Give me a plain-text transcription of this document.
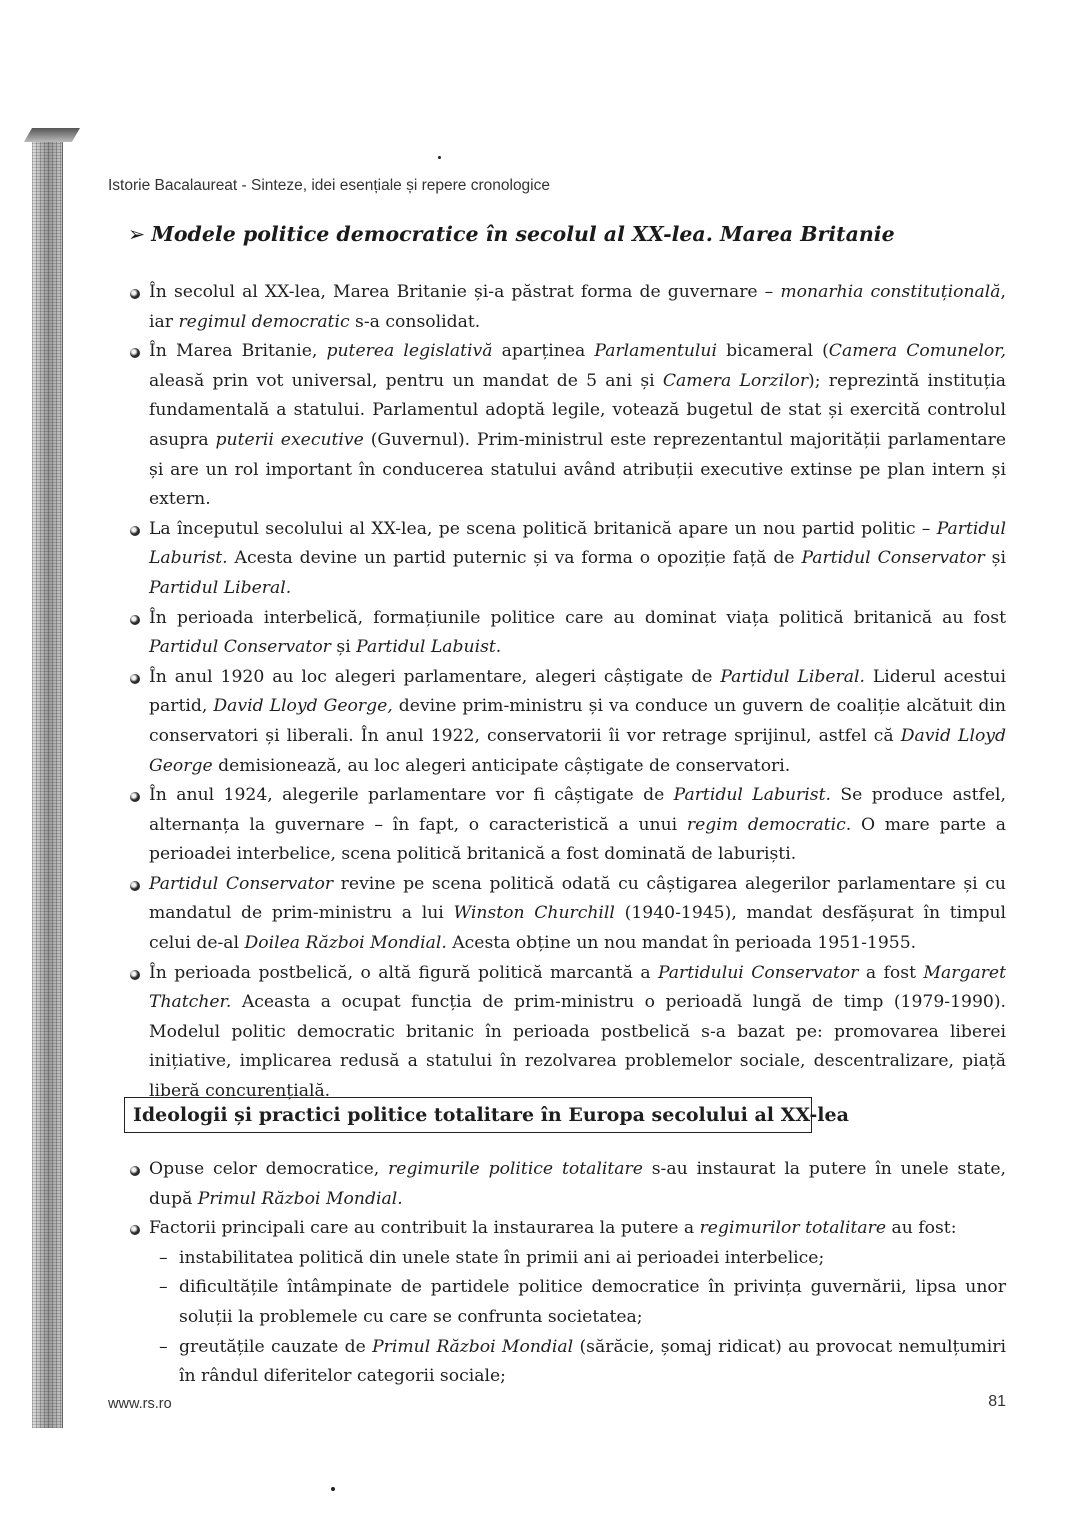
Istorie Bacalaureat - Sinteze, idei esențiale și repere cronologice
➢ Modele politice democratice în secolul al XX-lea. Marea Britanie
În secolul al XX-lea, Marea Britanie și-a păstrat forma de guvernare – monarhia constituțională, iar regimul democratic s-a consolidat.
În Marea Britanie, puterea legislativă aparținea Parlamentului bicameral (Camera Comunelor, aleasă prin vot universal, pentru un mandat de 5 ani și Camera Lorzilor); reprezintă instituția fundamentală a statului. Parlamentul adoptă legile, votează bugetul de stat și exercită controlul asupra puterii executive (Guvernul). Prim-ministrul este reprezentantul majorității parlamentare și are un rol important în conducerea statului având atribuții executive extinse pe plan intern și extern.
La începutul secolului al XX-lea, pe scena politică britanică apare un nou partid politic – Partidul Laburist. Acesta devine un partid puternic și va forma o opoziție față de Partidul Conservator și Partidul Liberal.
În perioada interbelică, formațiunile politice care au dominat viața politică britanică au fost Partidul Conservator și Partidul Labuist.
În anul 1920 au loc alegeri parlamentare, alegeri câștigate de Partidul Liberal. Liderul acestui partid, David Lloyd George, devine prim-ministru și va conduce un guvern de coaliție alcătuit din conservatori și liberali. În anul 1922, conservatorii îi vor retrage sprijinul, astfel că David Lloyd George demisionează, au loc alegeri anticipate câștigate de conservatori.
În anul 1924, alegerile parlamentare vor fi câștigate de Partidul Laburist. Se produce astfel, alternanța la guvernare – în fapt, o caracteristică a unui regim democratic. O mare parte a perioadei interbelice, scena politică britanică a fost dominată de laburiști.
Partidul Conservator revine pe scena politică odată cu câștigarea alegerilor parlamentare și cu mandatul de prim-ministru a lui Winston Churchill (1940-1945), mandat desfășurat în timpul celui de-al Doilea Război Mondial. Acesta obține un nou mandat în perioada 1951-1955.
În perioada postbelică, o altă figură politică marcantă a Partidului Conservator a fost Margaret Thatcher. Aceasta a ocupat funcția de prim-ministru o perioadă lungă de timp (1979-1990). Modelul politic democratic britanic în perioada postbelică s-a bazat pe: promovarea liberei inițiative, implicarea redusă a statului în rezolvarea problemelor sociale, descentralizare, piață liberă concurențială.
Ideologii și practici politice totalitare în Europa secolului al XX-lea
Opuse celor democratice, regimurile politice totalitare s-au instaurat la putere în unele state, după Primul Război Mondial.
Factorii principali care au contribuit la instaurarea la putere a regimurilor totalitare au fost:
– instabilitatea politică din unele state în primii ani ai perioadei interbelice;
– dificultățile întâmpinate de partidele politice democratice în privința guvernării, lipsa unor soluții la problemele cu care se confrunta societatea;
– greutățile cauzate de Primul Război Mondial (sărăcie, șomaj ridicat) au provocat nemulțumiri în rândul diferitelor categorii sociale;
www.rs.ro	81
